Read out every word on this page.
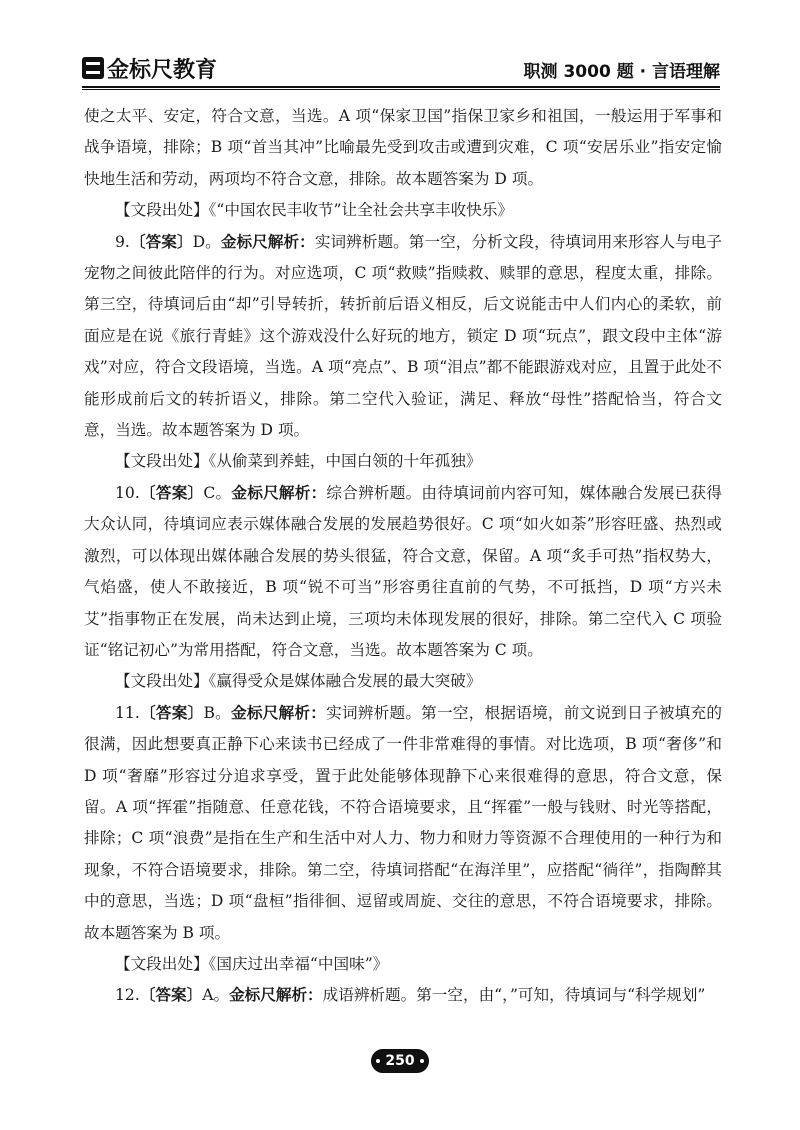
金标尺教育	职测 3000 题 · 言语理解

使之太平、安定，符合文意，当选。A 项“保家卫国”指保卫家乡和祖国，一般运用于军事和战争语境，排除；B 项“首当其冲”比喻最先受到攻击或遭到灾难，C 项“安居乐业”指安定愉快地生活和劳动，两项均不符合文意，排除。故本题答案为 D 项。

【文段出处】《“中国农民丰收节”让全社会共享丰收快乐》

9.〔答案〕D。金标尺解析：实词辨析题。第一空，分析文段，待填词用来形容人与电子宠物之间彼此陪伴的行为。对应选项，C 项“救赎”指赎救、赎罪的意思，程度太重，排除。第三空，待填词后由“却”引导转折，转折前后语义相反，后文说能击中人们内心的柔软，前面应是在说《旅行青蛙》这个游戏没什么好玩的地方，锁定 D 项“玩点”，跟文段中主体“游戏”对应，符合文段语境，当选。A 项“亮点”、B 项“泪点”都不能跟游戏对应，且置于此处不能形成前后文的转折语义，排除。第二空代入验证，满足、释放“母性”搭配恰当，符合文意，当选。故本题答案为 D 项。

【文段出处】《从偷菜到养蛙，中国白领的十年孤独》

10.〔答案〕C。金标尺解析：综合辨析题。由待填词前内容可知，媒体融合发展已获得大众认同，待填词应表示媒体融合发展的发展趋势很好。C 项“如火如荼”形容旺盛、热烈或激烈，可以体现出媒体融合发展的势头很猛，符合文意，保留。A 项“炙手可热”指权势大，气焰盛，使人不敢接近，B 项“锐不可当”形容勇往直前的气势，不可抵挡，D 项“方兴未艾”指事物正在发展，尚未达到止境，三项均未体现发展的很好，排除。第二空代入 C 项验证“铭记初心”为常用搭配，符合文意，当选。故本题答案为 C 项。

【文段出处】《赢得受众是媒体融合发展的最大突破》

11.〔答案〕B。金标尺解析：实词辨析题。第一空，根据语境，前文说到日子被填充的很满，因此想要真正静下心来读书已经成了一件非常难得的事情。对比选项，B 项“奢侈”和 D 项“奢靡”形容过分追求享受，置于此处能够体现静下心来很难得的意思，符合文意，保留。A 项“挥霍”指随意、任意花钱，不符合语境要求，且“挥霍”一般与钱财、时光等搭配，排除；C 项“浪费”是指在生产和生活中对人力、物力和财力等资源不合理使用的一种行为和现象，不符合语境要求，排除。第二空，待填词搭配“在海洋里”，应搭配“徜徉”，指陶醉其中的意思，当选；D 项“盘桓”指徘徊、逗留或周旋、交往的意思，不符合语境要求，排除。故本题答案为 B 项。

【文段出处】《国庆过出幸福“中国味”》

12.〔答案〕A。金标尺解析：成语辨析题。第一空，由“，”可知，待填词与“科学规划”

250
